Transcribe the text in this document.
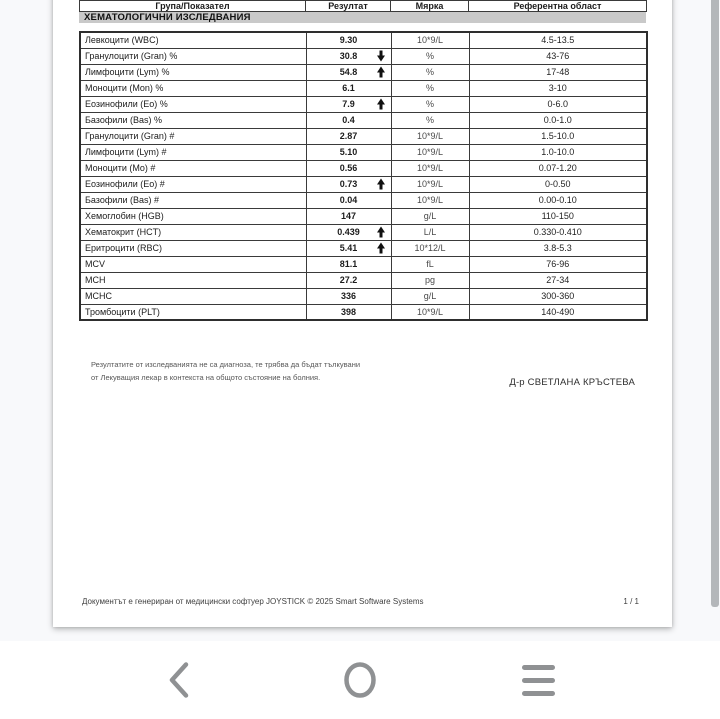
Група/Показател	Резултат	Мярка	Референтна област
ХЕМАТОЛОГИЧНИ ИЗСЛЕДВАНИЯ
Левкоцити (WBC)	9.30	10*9/L	4.5-13.5
Гранулоцити (Gran) %	30.8	%	43-76
Лимфоцити (Lym) %	54.8	%	17-48
Моноцити (Mon) %	6.1	%	3-10
Еозинофили (Eo) %	7.9	%	0-6.0
Базофили (Bas) %	0.4	%	0.0-1.0
Гранулоцити (Gran) #	2.87	10*9/L	1.5-10.0
Лимфоцити (Lym) #	5.10	10*9/L	1.0-10.0
Моноцити (Mo) #	0.56	10*9/L	0.07-1.20
Еозинофили (Eo) #	0.73	10*9/L	0-0.50
Базофили (Bas) #	0.04	10*9/L	0.00-0.10
Хемоглобин (HGB)	147	g/L	110-150
Хематокрит (HCT)	0.439	L/L	0.330-0.410
Еритроцити (RBC)	5.41	10*12/L	3.8-5.3
MCV	81.1	fL	76-96
MCH	27.2	pg	27-34
MCHC	336	g/L	300-360
Тромбоцити (PLT)	398	10*9/L	140-490
Резултатите от изследванията не са диагноза, те трябва да бъдат тълкувани
от Лекуващия лекар в контекста на общото състояние на болния.	Д-р СВЕТЛАНА КРЪСТЕВА
Документът е генериран от медицински софтуер JOYSTICK © 2025 Smart Software Systems	1 / 1
